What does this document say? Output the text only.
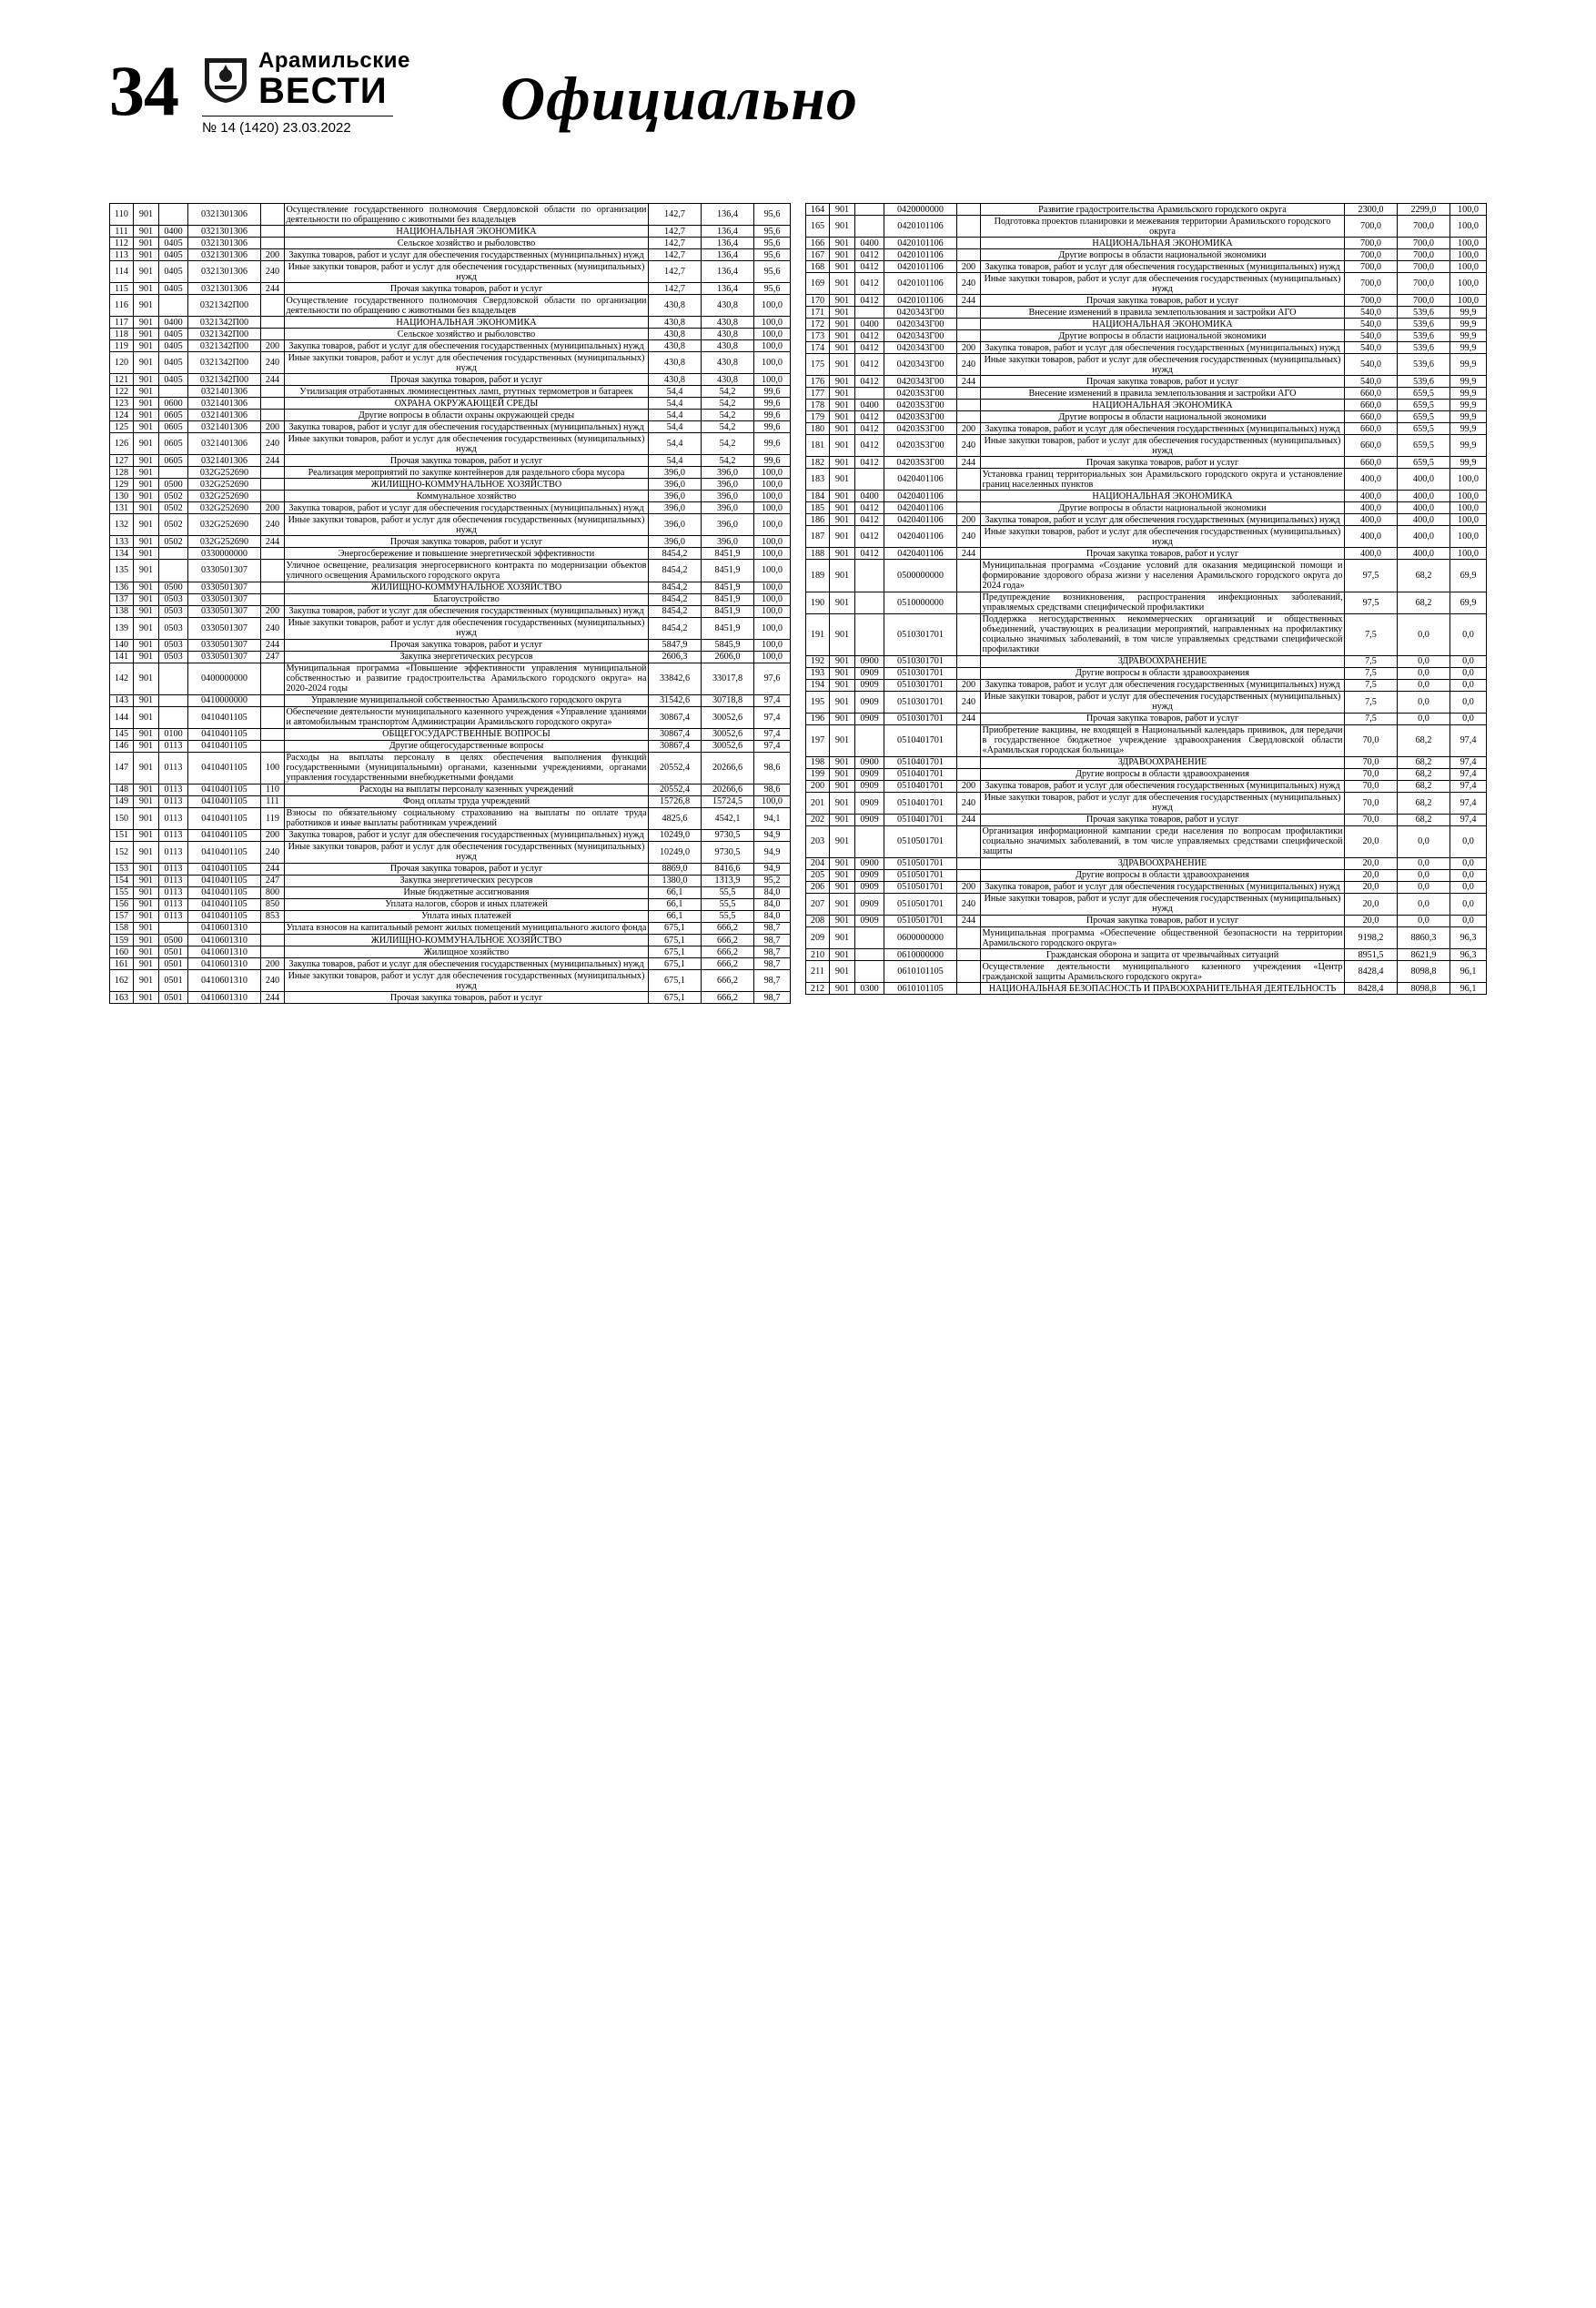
34	Арамильские
ВЕСТИ
№ 14 (1420) 23.03.2022	Официально
110	901		0321301306		Осуществление государственного полномочия Свердловской области по организации деятельности по обращению с животными без владельцев	142,7	136,4	95,6
111	901	0400	0321301306		НАЦИОНАЛЬНАЯ ЭКОНОМИКА	142,7	136,4	95,6
112	901	0405	0321301306		Сельское хозяйство и рыболовство	142,7	136,4	95,6
113	901	0405	0321301306	200	Закупка товаров, работ и услуг для обеспечения государственных (муниципальных) нужд	142,7	136,4	95,6
114	901	0405	0321301306	240	Иные закупки товаров, работ и услуг для обеспечения государственных (муниципальных) нужд	142,7	136,4	95,6
115	901	0405	0321301306	244	Прочая закупка товаров, работ и услуг	142,7	136,4	95,6
116	901		0321342П00		Осуществление государственного полномочия Свердловской области по организации деятельности по обращению с животными без владельцев	430,8	430,8	100,0
117	901	0400	0321342П00		НАЦИОНАЛЬНАЯ ЭКОНОМИКА	430,8	430,8	100,0
118	901	0405	0321342П00		Сельское хозяйство и рыболовство	430,8	430,8	100,0
119	901	0405	0321342П00	200	Закупка товаров, работ и услуг для обеспечения государственных (муниципальных) нужд	430,8	430,8	100,0
120	901	0405	0321342П00	240	Иные закупки товаров, работ и услуг для обеспечения государственных (муниципальных) нужд	430,8	430,8	100,0
121	901	0405	0321342П00	244	Прочая закупка товаров, работ и услуг	430,8	430,8	100,0
122	901		0321401306		Утилизация отработанных люминесцентных ламп, ртутных термометров и батареек	54,4	54,2	99,6
123	901	0600	0321401306		ОХРАНА ОКРУЖАЮЩЕЙ СРЕДЫ	54,4	54,2	99,6
124	901	0605	0321401306		Другие вопросы в области охраны окружающей среды	54,4	54,2	99,6
125	901	0605	0321401306	200	Закупка товаров, работ и услуг для обеспечения государственных (муниципальных) нужд	54,4	54,2	99,6
126	901	0605	0321401306	240	Иные закупки товаров, работ и услуг для обеспечения государственных (муниципальных) нужд	54,4	54,2	99,6
127	901	0605	0321401306	244	Прочая закупка товаров, работ и услуг	54,4	54,2	99,6
128	901		032G252690		Реализация мероприятий по закупке контейнеров для раздельного сбора мусора	396,0	396,0	100,0
129	901	0500	032G252690		ЖИЛИЩНО-КОММУНАЛЬНОЕ ХОЗЯЙСТВО	396,0	396,0	100,0
130	901	0502	032G252690		Коммунальное хозяйство	396,0	396,0	100,0
131	901	0502	032G252690	200	Закупка товаров, работ и услуг для обеспечения государственных (муниципальных) нужд	396,0	396,0	100,0
132	901	0502	032G252690	240	Иные закупки товаров, работ и услуг для обеспечения государственных (муниципальных) нужд	396,0	396,0	100,0
133	901	0502	032G252690	244	Прочая закупка товаров, работ и услуг	396,0	396,0	100,0
134	901		0330000000		Энергосбережение и повышение энергетической эффективности	8454,2	8451,9	100,0
135	901		0330501307		Уличное освещение, реализация энергосервисного контракта по модернизации объектов уличного освещения Арамильского городского округа	8454,2	8451,9	100,0
136	901	0500	0330501307		ЖИЛИЩНО-КОММУНАЛЬНОЕ ХОЗЯЙСТВО	8454,2	8451,9	100,0
137	901	0503	0330501307		Благоустройство	8454,2	8451,9	100,0
138	901	0503	0330501307	200	Закупка товаров, работ и услуг для обеспечения государственных (муниципальных) нужд	8454,2	8451,9	100,0
139	901	0503	0330501307	240	Иные закупки товаров, работ и услуг для обеспечения государственных (муниципальных) нужд	8454,2	8451,9	100,0
140	901	0503	0330501307	244	Прочая закупка товаров, работ и услуг	5847,9	5845,9	100,0
141	901	0503	0330501307	247	Закупка энергетических ресурсов	2606,3	2606,0	100,0
142	901		0400000000		Муниципальная программа «Повышение эффективности управления муниципальной собственностью и развитие градостроительства Арамильского городского округа» на 2020-2024 годы	33842,6	33017,8	97,6
143	901		0410000000		Управление муниципальной собственностью Арамильского городского округа	31542,6	30718,8	97,4
144	901		0410401105		Обеспечение деятельности муниципального казенного учреждения «Управление зданиями и автомобильным транспортом Администрации Арамильского городского округа»	30867,4	30052,6	97,4
145	901	0100	0410401105		ОБЩЕГОСУДАРСТВЕННЫЕ ВОПРОСЫ	30867,4	30052,6	97,4
146	901	0113	0410401105		Другие общегосударственные вопросы	30867,4	30052,6	97,4
147	901	0113	0410401105	100	Расходы на выплаты персоналу в целях обеспечения выполнения функций государственными (муниципальными) органами, казенными учреждениями, органами управления государственными внебюджетными фондами	20552,4	20266,6	98,6
148	901	0113	0410401105	110	Расходы на выплаты персоналу казенных учреждений	20552,4	20266,6	98,6
149	901	0113	0410401105	111	Фонд оплаты труда учреждений	15726,8	15724,5	100,0
150	901	0113	0410401105	119	Взносы по обязательному социальному страхованию на выплаты по оплате труда работников и иные выплаты работникам учреждений	4825,6	4542,1	94,1
151	901	0113	0410401105	200	Закупка товаров, работ и услуг для обеспечения государственных (муниципальных) нужд	10249,0	9730,5	94,9
152	901	0113	0410401105	240	Иные закупки товаров, работ и услуг для обеспечения государственных (муниципальных) нужд	10249,0	9730,5	94,9
153	901	0113	0410401105	244	Прочая закупка товаров, работ и услуг	8869,0	8416,6	94,9
154	901	0113	0410401105	247	Закупка энергетических ресурсов	1380,0	1313,9	95,2
155	901	0113	0410401105	800	Иные бюджетные ассигнования	66,1	55,5	84,0
156	901	0113	0410401105	850	Уплата налогов, сборов и иных платежей	66,1	55,5	84,0
157	901	0113	0410401105	853	Уплата иных платежей	66,1	55,5	84,0
158	901		0410601310		Уплата взносов на капитальный ремонт жилых помещений муниципального жилого фонда	675,1	666,2	98,7
159	901	0500	0410601310		ЖИЛИЩНО-КОММУНАЛЬНОЕ ХОЗЯЙСТВО	675,1	666,2	98,7
160	901	0501	0410601310		Жилищное хозяйство	675,1	666,2	98,7
161	901	0501	0410601310	200	Закупка товаров, работ и услуг для обеспечения государственных (муниципальных) нужд	675,1	666,2	98,7
162	901	0501	0410601310	240	Иные закупки товаров, работ и услуг для обеспечения государственных (муниципальных) нужд	675,1	666,2	98,7
163	901	0501	0410601310	244	Прочая закупка товаров, работ и услуг	675,1	666,2	98,7
164	901		0420000000		Развитие градостроительства Арамильского городского округа	2300,0	2299,0	100,0
165	901		0420101106		Подготовка проектов планировки и межевания территории Арамильского городского округа	700,0	700,0	100,0
166	901	0400	0420101106		НАЦИОНАЛЬНАЯ ЭКОНОМИКА	700,0	700,0	100,0
167	901	0412	0420101106		Другие вопросы в области национальной экономики	700,0	700,0	100,0
168	901	0412	0420101106	200	Закупка товаров, работ и услуг для обеспечения государственных (муниципальных) нужд	700,0	700,0	100,0
169	901	0412	0420101106	240	Иные закупки товаров, работ и услуг для обеспечения государственных (муниципальных) нужд	700,0	700,0	100,0
170	901	0412	0420101106	244	Прочая закупка товаров, работ и услуг	700,0	700,0	100,0
171	901		0420343Г00		Внесение изменений в правила землепользования и застройки АГО	540,0	539,6	99,9
172	901	0400	0420343Г00		НАЦИОНАЛЬНАЯ ЭКОНОМИКА	540,0	539,6	99,9
173	901	0412	0420343Г00		Другие вопросы в области национальной экономики	540,0	539,6	99,9
174	901	0412	0420343Г00	200	Закупка товаров, работ и услуг для обеспечения государственных (муниципальных) нужд	540,0	539,6	99,9
175	901	0412	0420343Г00	240	Иные закупки товаров, работ и услуг для обеспечения государственных (муниципальных) нужд	540,0	539,6	99,9
176	901	0412	0420343Г00	244	Прочая закупка товаров, работ и услуг	540,0	539,6	99,9
177	901		04203S3Г00		Внесение изменений в правила землепользования и застройки АГО	660,0	659,5	99,9
178	901	0400	04203S3Г00		НАЦИОНАЛЬНАЯ ЭКОНОМИКА	660,0	659,5	99,9
179	901	0412	04203S3Г00		Другие вопросы в области национальной экономики	660,0	659,5	99,9
180	901	0412	04203S3Г00	200	Закупка товаров, работ и услуг для обеспечения государственных (муниципальных) нужд	660,0	659,5	99,9
181	901	0412	04203S3Г00	240	Иные закупки товаров, работ и услуг для обеспечения государственных (муниципальных) нужд	660,0	659,5	99,9
182	901	0412	04203S3Г00	244	Прочая закупка товаров, работ и услуг	660,0	659,5	99,9
183	901		0420401106		Установка границ территориальных зон Арамильского городского округа и установление границ населенных пунктов	400,0	400,0	100,0
184	901	0400	0420401106		НАЦИОНАЛЬНАЯ ЭКОНОМИКА	400,0	400,0	100,0
185	901	0412	0420401106		Другие вопросы в области национальной экономики	400,0	400,0	100,0
186	901	0412	0420401106	200	Закупка товаров, работ и услуг для обеспечения государственных (муниципальных) нужд	400,0	400,0	100,0
187	901	0412	0420401106	240	Иные закупки товаров, работ и услуг для обеспечения государственных (муниципальных) нужд	400,0	400,0	100,0
188	901	0412	0420401106	244	Прочая закупка товаров, работ и услуг	400,0	400,0	100,0
189	901		0500000000		Муниципальная программа «Создание условий для оказания медицинской помощи и формирование здорового образа жизни у населения Арамильского городского округа до 2024 года»	97,5	68,2	69,9
190	901		0510000000		Предупреждение возникновения, распространения инфекционных заболеваний, управляемых средствами специфической профилактики	97,5	68,2	69,9
191	901		0510301701		Поддержка негосударственных некоммерческих организаций и общественных объединений, участвующих в реализации мероприятий, направленных на профилактику социально значимых заболеваний, в том числе управляемых средствами специфической профилактики	7,5	0,0	0,0
192	901	0900	0510301701		ЗДРАВООХРАНЕНИЕ	7,5	0,0	0,0
193	901	0909	0510301701		Другие вопросы в области здравоохранения	7,5	0,0	0,0
194	901	0909	0510301701	200	Закупка товаров, работ и услуг для обеспечения государственных (муниципальных) нужд	7,5	0,0	0,0
195	901	0909	0510301701	240	Иные закупки товаров, работ и услуг для обеспечения государственных (муниципальных) нужд	7,5	0,0	0,0
196	901	0909	0510301701	244	Прочая закупка товаров, работ и услуг	7,5	0,0	0,0
197	901		0510401701		Приобретение вакцины, не входящей в Национальный календарь прививок, для передачи в государственное бюджетное учреждение здравоохранения Свердловской области «Арамильская городская больница»	70,0	68,2	97,4
198	901	0900	0510401701		ЗДРАВООХРАНЕНИЕ	70,0	68,2	97,4
199	901	0909	0510401701		Другие вопросы в области здравоохранения	70,0	68,2	97,4
200	901	0909	0510401701	200	Закупка товаров, работ и услуг для обеспечения государственных (муниципальных) нужд	70,0	68,2	97,4
201	901	0909	0510401701	240	Иные закупки товаров, работ и услуг для обеспечения государственных (муниципальных) нужд	70,0	68,2	97,4
202	901	0909	0510401701	244	Прочая закупка товаров, работ и услуг	70,0	68,2	97,4
203	901		0510501701		Организация информационной кампании среди населения по вопросам профилактики социально значимых заболеваний, в том числе управляемых средствами специфической защиты	20,0	0,0	0,0
204	901	0900	0510501701		ЗДРАВООХРАНЕНИЕ	20,0	0,0	0,0
205	901	0909	0510501701		Другие вопросы в области здравоохранения	20,0	0,0	0,0
206	901	0909	0510501701	200	Закупка товаров, работ и услуг для обеспечения государственных (муниципальных) нужд	20,0	0,0	0,0
207	901	0909	0510501701	240	Иные закупки товаров, работ и услуг для обеспечения государственных (муниципальных) нужд	20,0	0,0	0,0
208	901	0909	0510501701	244	Прочая закупка товаров, работ и услуг	20,0	0,0	0,0
209	901		0600000000		Муниципальная программа «Обеспечение общественной безопасности на территории Арамильского городского округа»	9198,2	8860,3	96,3
210	901		0610000000		Гражданская оборона и защита от чрезвычайных ситуаций	8951,5	8621,9	96,3
211	901		0610101105		Осуществление деятельности муниципального казенного учреждения «Центр гражданской защиты Арамильского городского округа»	8428,4	8098,8	96,1
212	901	0300	0610101105		НАЦИОНАЛЬНАЯ БЕЗОПАСНОСТЬ И ПРАВООХРАНИТЕЛЬНАЯ ДЕЯТЕЛЬНОСТЬ	8428,4	8098,8	96,1
